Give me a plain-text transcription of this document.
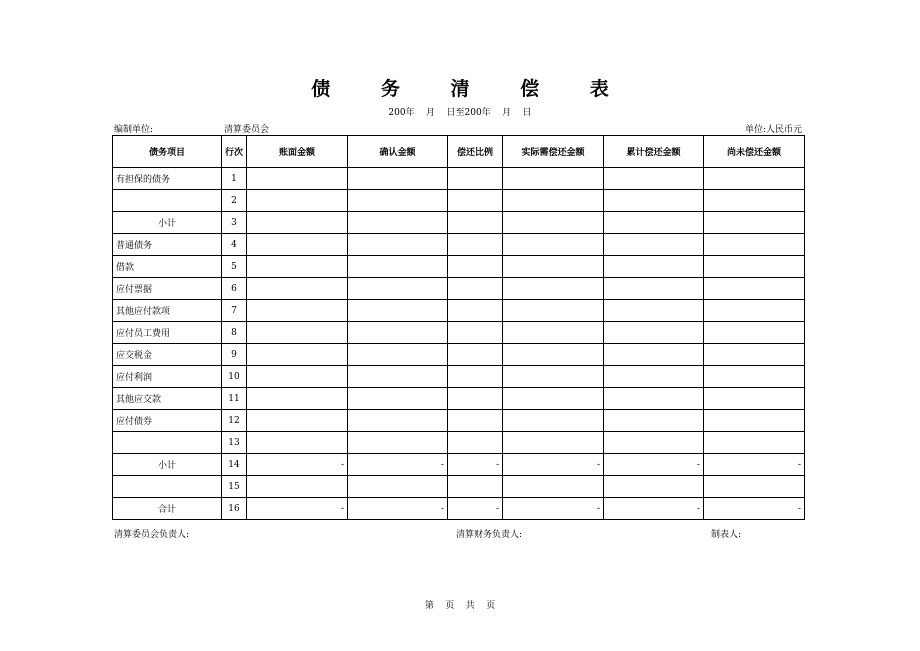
债 务 清 偿 表
200年    月    日至200年    月    日
编制单位:	清算委员会	单位:人民币元
债务项目	行次	账面金额	确认金额	偿还比例	实际需偿还金额	累计偿还金额	尚未偿还金额
有担保的债务	1						
	2						
小计	3						
普通债务	4						
借款	5						
应付票据	6						
其他应付款项	7						
应付员工费用	8						
应交税金	9						
应付利润	10						
其他应交款	11						
应付债券	12						
	13						
小计	14	-	-	-	-	-	-
	15						
合计	16	-	-	-	-	-	-
清算委员会负责人:	清算财务负责人:	制表人:
第    页    共    页
